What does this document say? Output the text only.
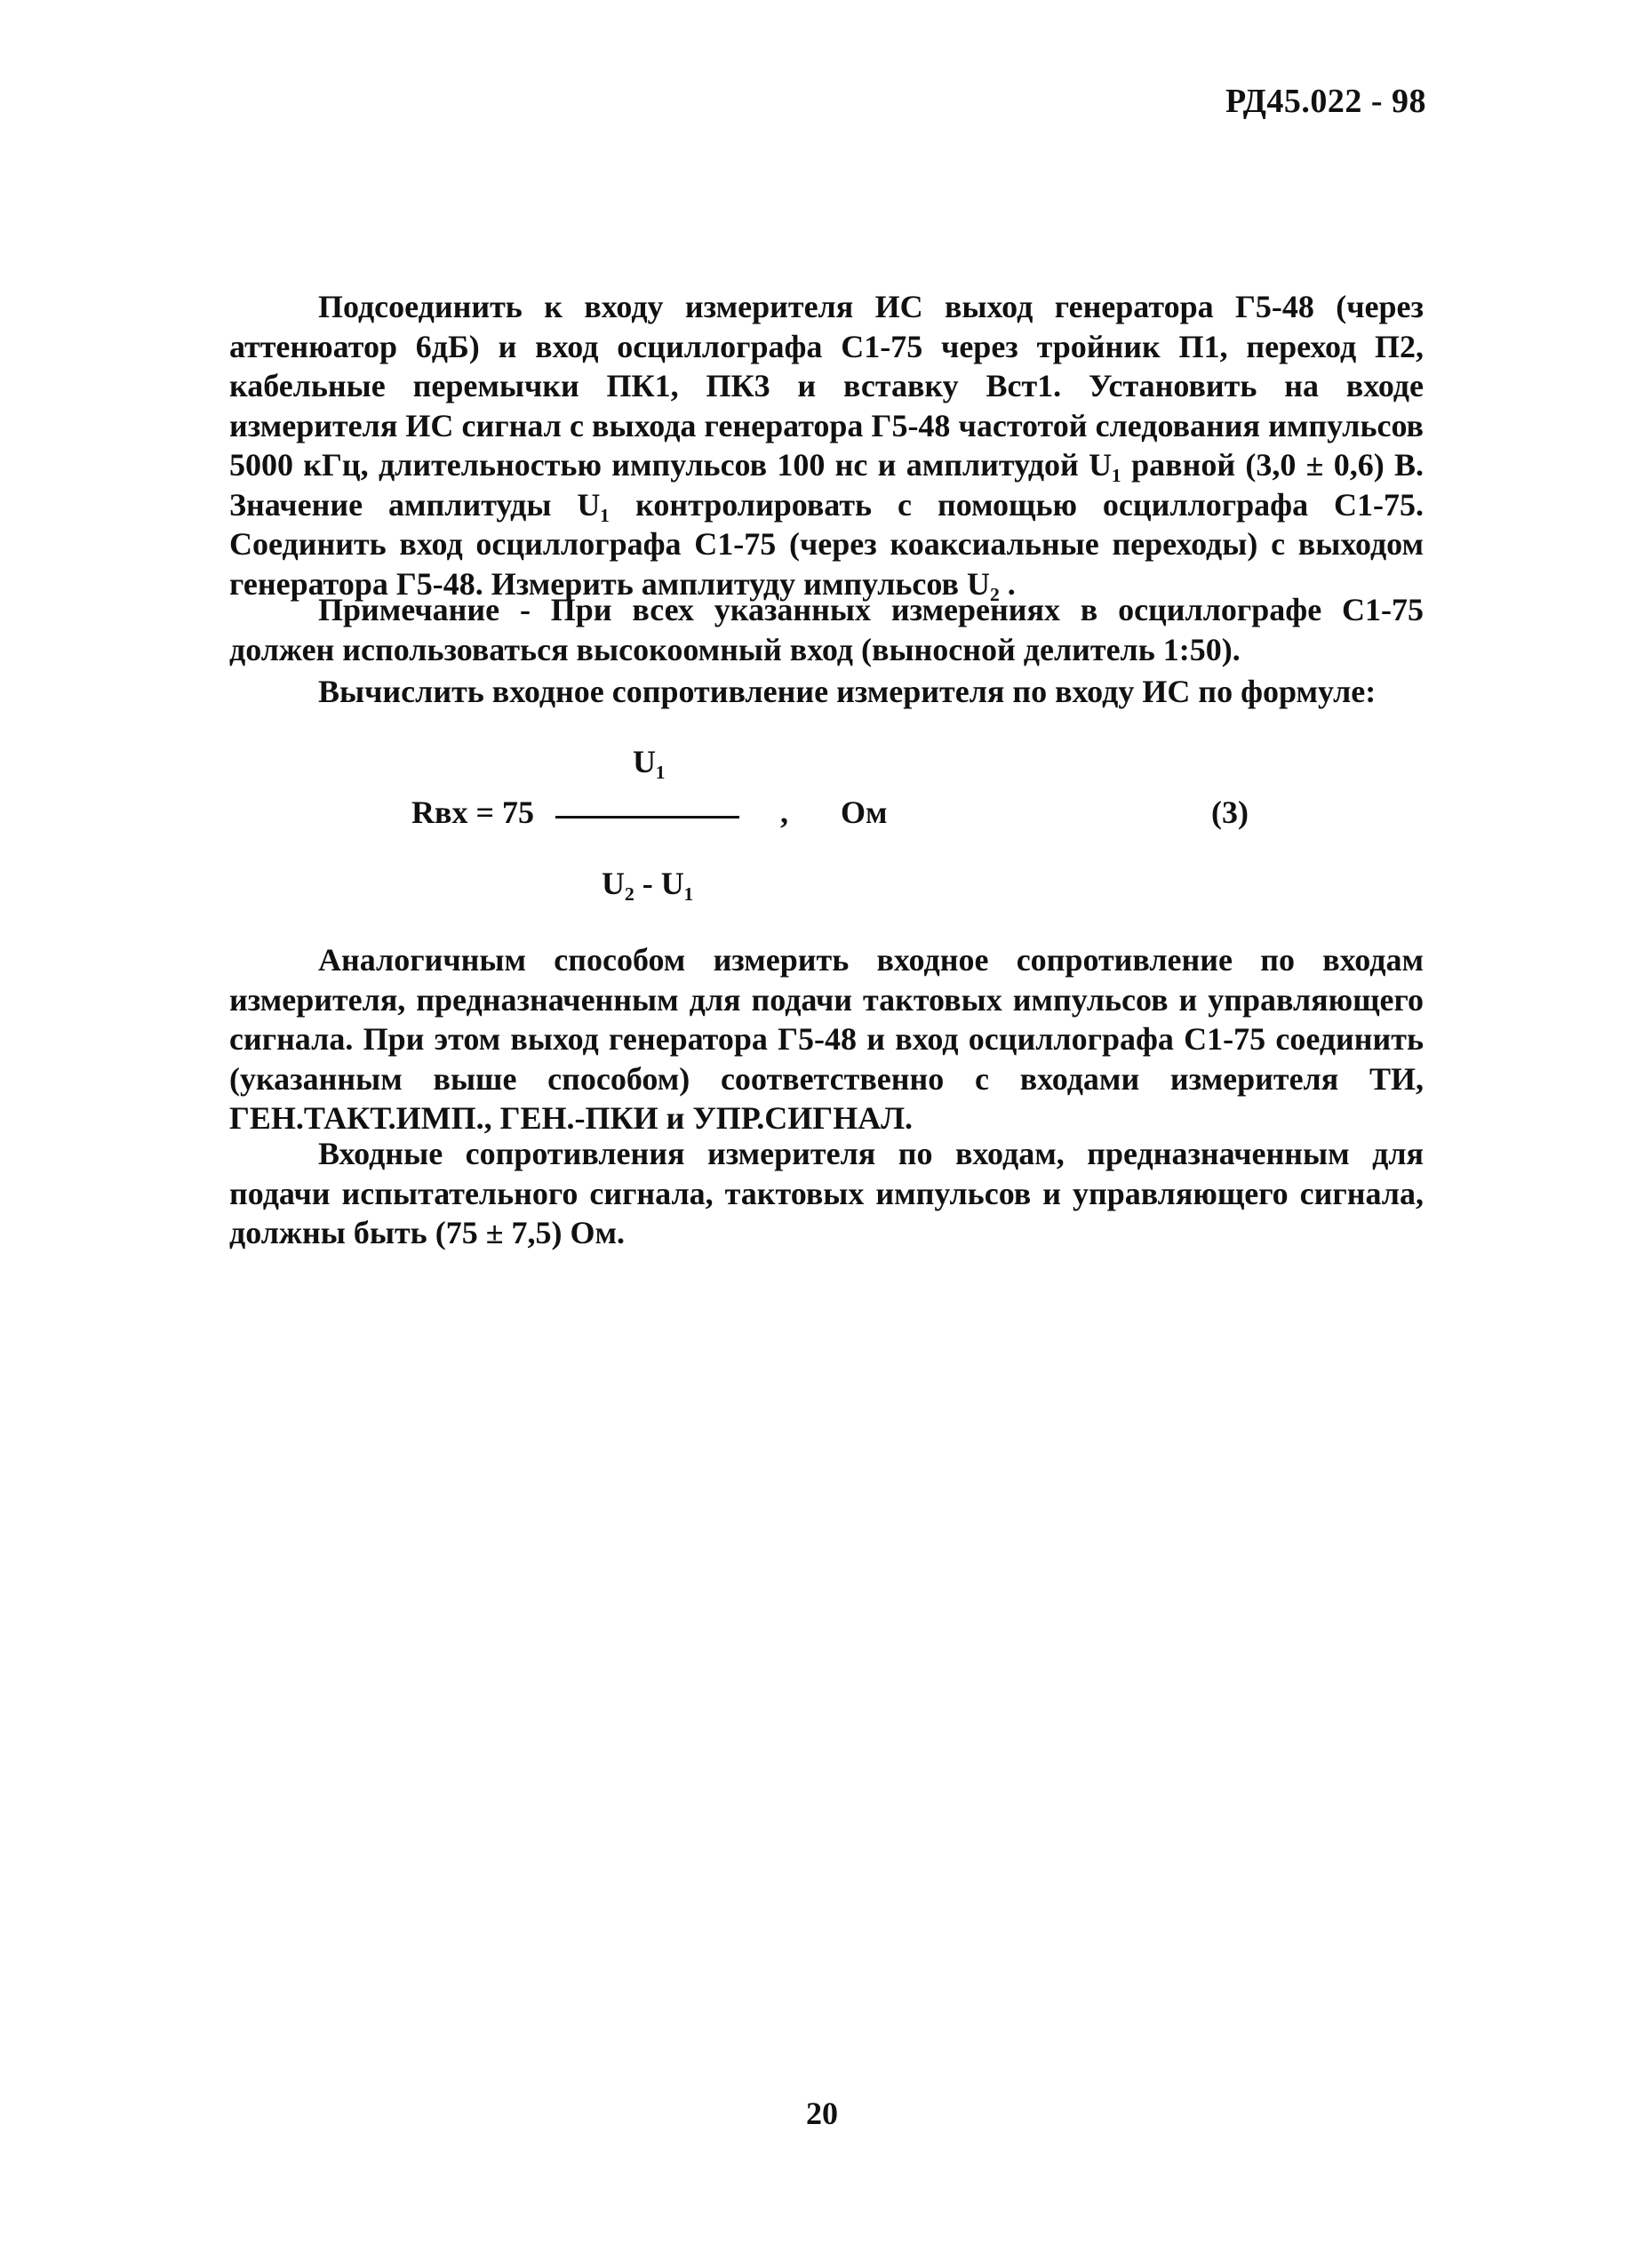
РД45.022 - 98

Подсоединить к входу измерителя ИС выход генератора Г5-48 (через аттенюатор 6дБ) и вход осциллографа С1-75 через тройник П1, переход П2, кабельные перемычки ПК1, ПК3 и вставку Вст1. Установить на входе измерителя ИС сигнал с выхода генератора Г5-48 частотой следования импульсов 5000 кГц, длительностью импульсов 100 нс и амплитудой U₁ равной (3,0 ± 0,6) В. Значение амплитуды U₁ контролировать с помощью осциллографа С1-75. Соединить вход осциллографа С1-75 (через коаксиальные переходы) с выходом генератора Г5-48. Измерить амплитуду импульсов U₂ .

Примечание - При всех указанных измерениях в осциллографе С1-75 должен использоваться высокоомный вход (выносной делитель 1:50).

Вычислить входное сопротивление измерителя по входу ИС по формуле:

Rвх = 75
U₁
, Ом	(3)
U₂ - U₁

Аналогичным способом измерить входное сопротивление по входам измерителя, предназначенным для подачи тактовых импульсов и управляющего сигнала. При этом выход генератора Г5-48 и вход осциллографа С1-75 соединить (указанным выше способом) соответственно с входами измерителя ТИ, ГЕН.ТАКТ.ИМП., ГЕН.-ПКИ и УПР.СИГНАЛ.

Входные сопротивления измерителя по входам, предназначенным для подачи испытательного сигнала, тактовых импульсов и управляющего сигнала, должны быть (75 ± 7,5) Ом.

20
